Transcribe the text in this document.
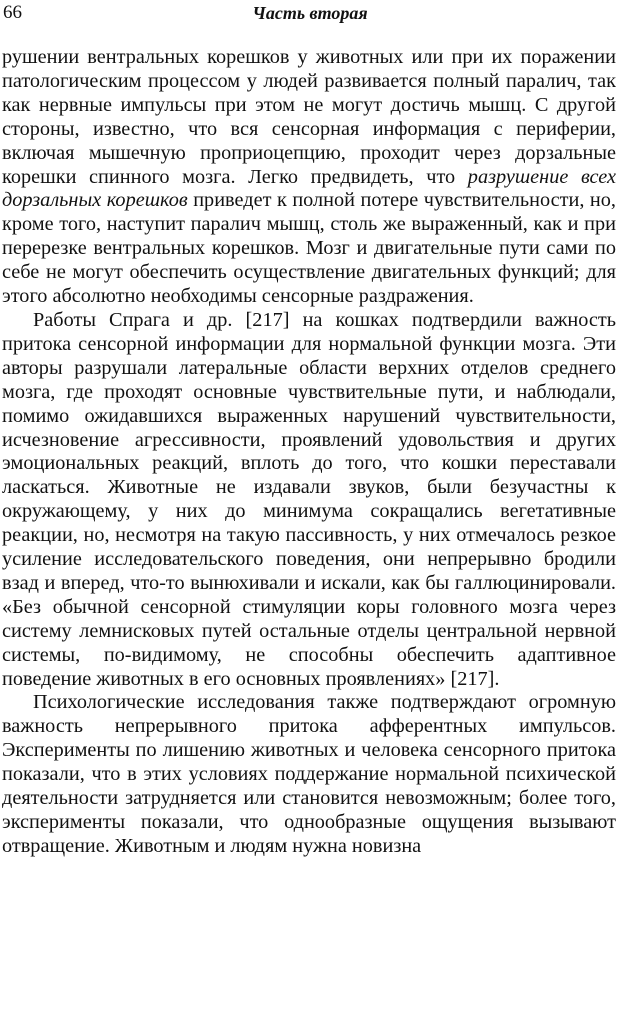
66	Часть вторая

рушении вентральных корешков у животных или при их поражении патологическим процессом у людей развивается полный паралич, так как нервные импульсы при этом не могут достичь мышц. С другой стороны, известно, что вся сенсорная информация с периферии, включая мышечную проприоцепцию, проходит через дорзальные корешки спинного мозга. Легко предвидеть, что разрушение всех дорзальных корешков приведет к полной потере чувствительности, но, кроме того, наступит паралич мышц, столь же выраженный, как и при перерезке вентральных корешков. Мозг и двигательные пути сами по себе не могут обеспечить осуществление двигательных функций; для этого абсолютно необходимы сенсорные раздражения.

Работы Спрага и др. [217] на кошках подтвердили важность притока сенсорной информации для нормальной функции мозга. Эти авторы разрушали латеральные области верхних отделов среднего мозга, где проходят основные чувствительные пути, и наблюдали, помимо ожидавшихся выраженных нарушений чувствительности, исчезновение агрессивности, проявлений удовольствия и других эмоциональных реакций, вплоть до того, что кошки переставали ласкаться. Животные не издавали звуков, были безучастны к окружающему, у них до минимума сокращались вегетативные реакции, но, несмотря на такую пассивность, у них отмечалось резкое усиление исследовательского поведения, они непрерывно бродили взад и вперед, что-то вынюхивали и искали, как бы галлюцинировали. «Без обычной сенсорной стимуляции коры головного мозга через систему лемнисковых путей остальные отделы центральной нервной системы, по-видимому, не способны обеспечить адаптивное поведение животных в его основных проявлениях» [217].

Психологические исследования также подтверждают огромную важность непрерывного притока афферентных импульсов. Эксперименты по лишению животных и человека сенсорного притока показали, что в этих условиях поддержание нормальной психической деятельности затрудняется или становится невозможным; более того, эксперименты показали, что однообразные ощущения вызывают отвращение. Животным и людям нужна новизна
